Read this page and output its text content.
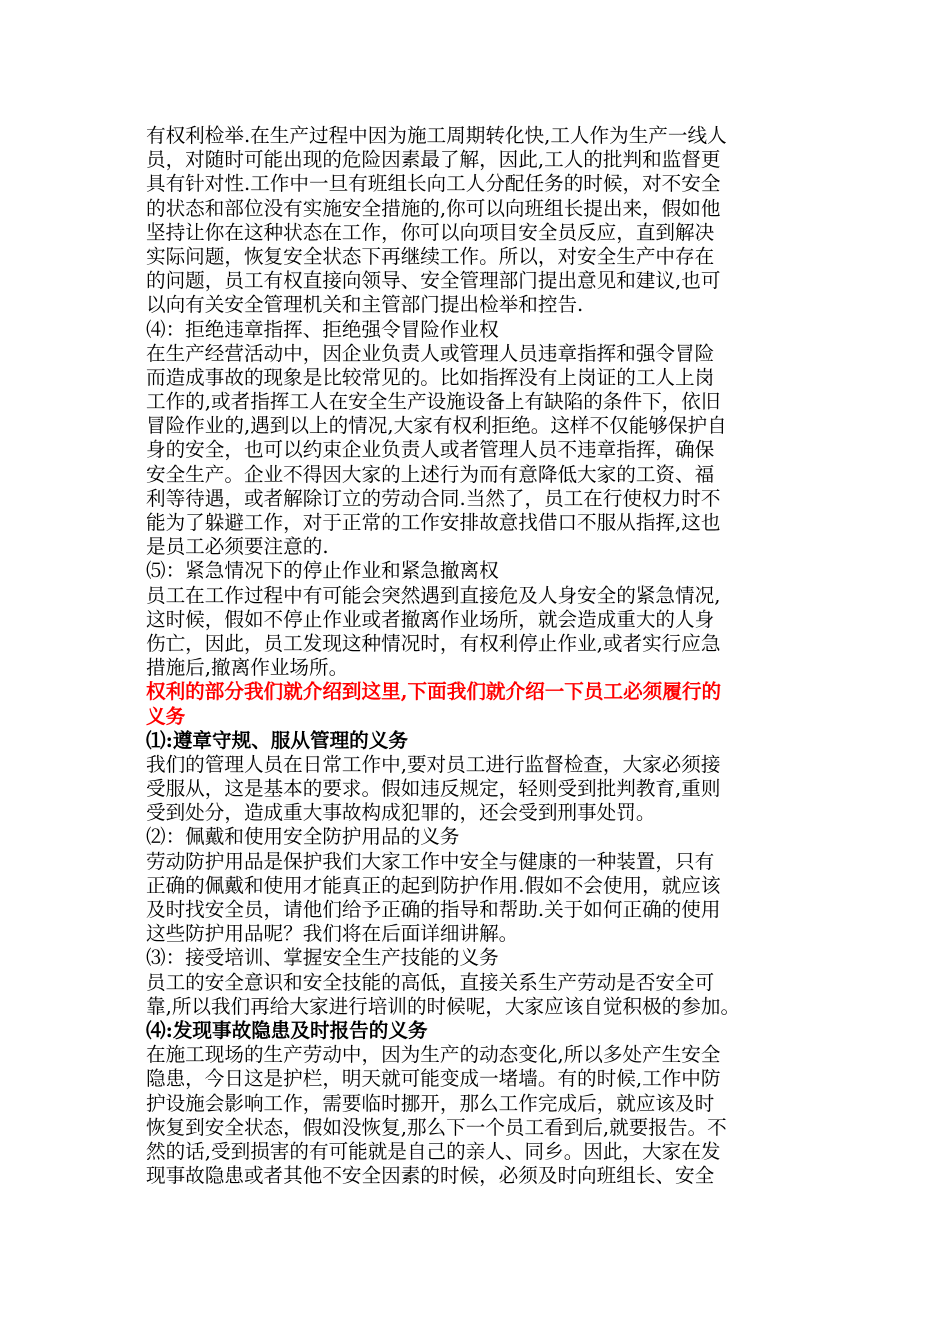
有权利检举.在生产过程中因为施工周期转化快,工人作为生产一线人
员，对随时可能出现的危险因素最了解，因此,工人的批判和监督更
具有针对性.工作中一旦有班组长向工人分配任务的时候，对不安全
的状态和部位没有实施安全措施的,你可以向班组长提出来，假如他
坚持让你在这种状态在工作，你可以向项目安全员反应，直到解决
实际问题，恢复安全状态下再继续工作。所以，对安全生产中存在
的问题，员工有权直接向领导、安全管理部门提出意见和建议,也可
以向有关安全管理机关和主管部门提出检举和控告.
⑷：拒绝违章指挥、拒绝强令冒险作业权
在生产经营活动中，因企业负责人或管理人员违章指挥和强令冒险
而造成事故的现象是比较常见的。比如指挥没有上岗证的工人上岗
工作的,或者指挥工人在安全生产设施设备上有缺陷的条件下，依旧
冒险作业的,遇到以上的情况,大家有权利拒绝。这样不仅能够保护自
身的安全，也可以约束企业负责人或者管理人员不违章指挥，确保
安全生产。企业不得因大家的上述行为而有意降低大家的工资、福
利等待遇，或者解除订立的劳动合同.当然了，员工在行使权力时不
能为了躲避工作，对于正常的工作安排故意找借口不服从指挥,这也
是员工必须要注意的.
⑸：紧急情况下的停止作业和紧急撤离权
员工在工作过程中有可能会突然遇到直接危及人身安全的紧急情况,
这时候，假如不停止作业或者撤离作业场所，就会造成重大的人身
伤亡，因此，员工发现这种情况时，有权利停止作业,或者实行应急
措施后,撤离作业场所。
权利的部分我们就介绍到这里,下面我们就介绍一下员工必须履行的
义务
⑴:遵章守规、服从管理的义务
我们的管理人员在日常工作中,要对员工进行监督检查，大家必须接
受服从，这是基本的要求。假如违反规定，轻则受到批判教育,重则
受到处分，造成重大事故构成犯罪的，还会受到刑事处罚。
⑵：佩戴和使用安全防护用品的义务
劳动防护用品是保护我们大家工作中安全与健康的一种装置，只有
正确的佩戴和使用才能真正的起到防护作用.假如不会使用，就应该
及时找安全员，请他们给予正确的指导和帮助.关于如何正确的使用
这些防护用品呢？我们将在后面详细讲解。
⑶：接受培训、掌握安全生产技能的义务
员工的安全意识和安全技能的高低，直接关系生产劳动是否安全可
靠,所以我们再给大家进行培训的时候呢，大家应该自觉积极的参加。
⑷:发现事故隐患及时报告的义务
在施工现场的生产劳动中，因为生产的动态变化,所以多处产生安全
隐患，今日这是护栏，明天就可能变成一堵墙。有的时候,工作中防
护设施会影响工作，需要临时挪开，那么工作完成后，就应该及时
恢复到安全状态，假如没恢复,那么下一个员工看到后,就要报告。不
然的话,受到损害的有可能就是自己的亲人、同乡。因此，大家在发
现事故隐患或者其他不安全因素的时候，必须及时向班组长、安全
